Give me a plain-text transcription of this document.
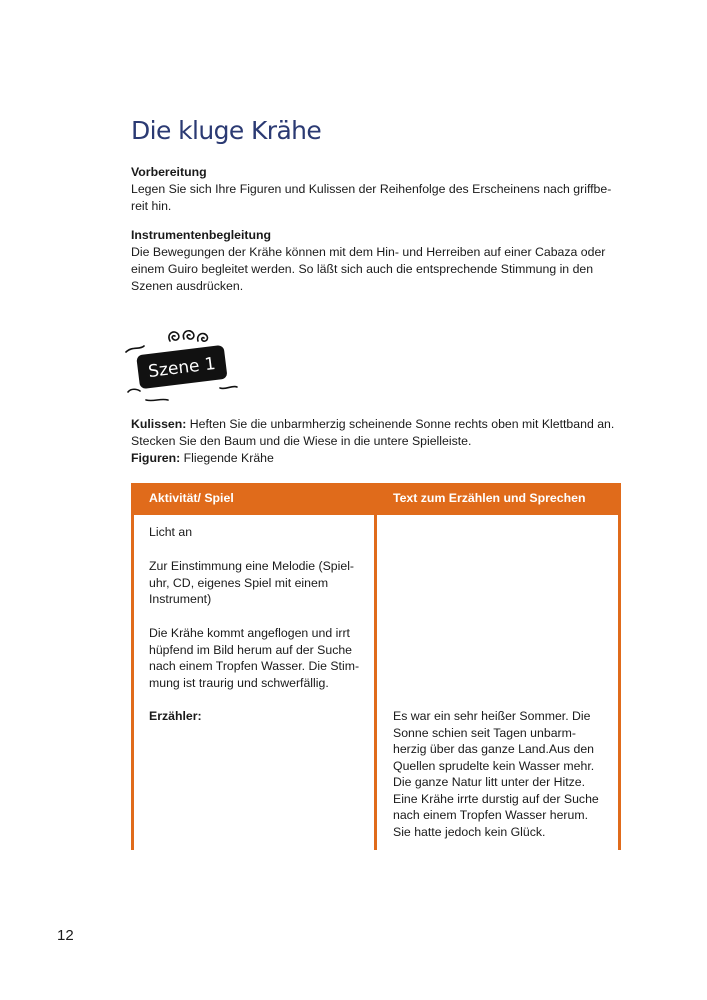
Die kluge Krähe

Vorbereitung

Legen Sie sich Ihre Figuren und Kulissen der Reihenfolge des Erscheinens nach griffbe-

reit hin.

Instrumentenbegleitung

Die Bewegungen der Krähe können mit dem Hin- und Herreiben auf einer Cabaza oder

einem Guiro begleitet werden. So läßt sich auch die entsprechende Stimmung in den

Szenen ausdrücken.

Szene 1

Kulissen: Heften Sie die unbarmherzig scheinende Sonne rechts oben mit Klettband an.

Stecken Sie den Baum und die Wiese in die untere Spielleiste.

Figuren: Fliegende Krähe

Aktivität/ Spiel	Text zum Erzählen und Sprechen

Licht an

Zur Einstimmung eine Melodie (Spiel-

uhr, CD, eigenes Spiel mit einem

Instrument)

Die Krähe kommt angeflogen und irrt

hüpfend im Bild herum auf der Suche

nach einem Tropfen Wasser. Die Stim-

mung ist traurig und schwerfällig.

Erzähler:	Es war ein sehr heißer Sommer. Die

Sonne schien seit Tagen unbarm-

herzig über das ganze Land.Aus den

Quellen sprudelte kein Wasser mehr.

Die ganze Natur litt unter der Hitze.

Eine Krähe irrte durstig auf der Suche

nach einem Tropfen Wasser herum.

Sie hatte jedoch kein Glück.

12
